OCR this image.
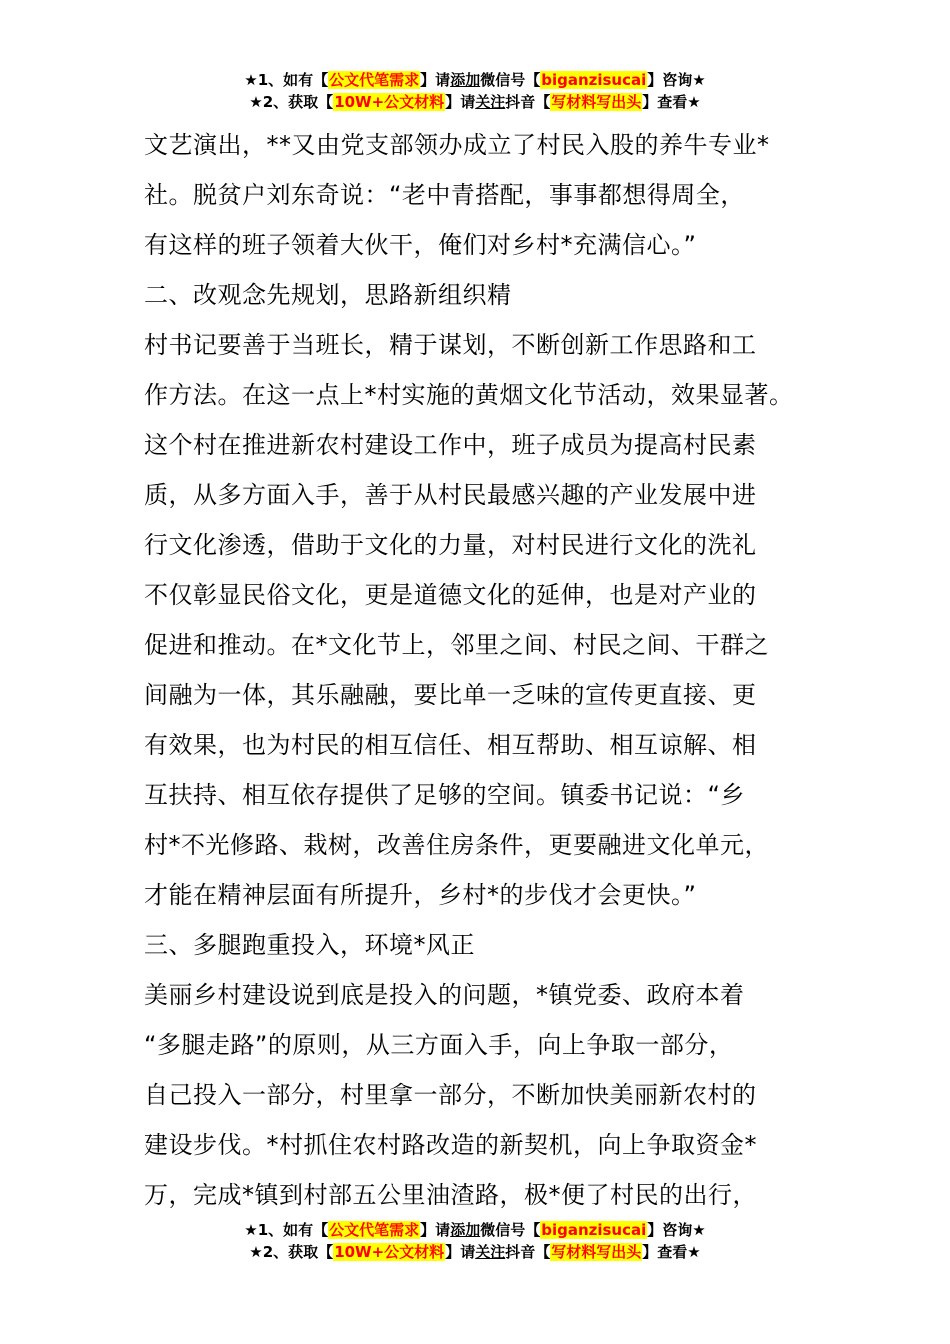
★1、如有【公文代笔需求】请添加微信号【biganzisucai】咨询★
★2、获取【10W+公文材料】请关注抖音【写材料写出头】查看★
文艺演出，**又由党支部领办成立了村民入股的养牛专业*
社。脱贫户刘东奇说：“老中青搭配，事事都想得周全，
有这样的班子领着大伙干，俺们对乡村*充满信心。”
二、改观念先规划，思路新组织精
村书记要善于当班长，精于谋划，不断创新工作思路和工
作方法。在这一点上*村实施的黄烟文化节活动，效果显著。
这个村在推进新农村建设工作中，班子成员为提高村民素
质，从多方面入手，善于从村民最感兴趣的产业发展中进
行文化渗透，借助于文化的力量，对村民进行文化的洗礼
不仅彰显民俗文化，更是道德文化的延伸，也是对产业的
促进和推动。在*文化节上，邻里之间、村民之间、干群之
间融为一体，其乐融融，要比单一乏味的宣传更直接、更
有效果，也为村民的相互信任、相互帮助、相互谅解、相
互扶持、相互依存提供了足够的空间。镇委书记说：“乡
村*不光修路、栽树，改善住房条件，更要融进文化单元，
才能在精神层面有所提升，乡村*的步伐才会更快。”
三、多腿跑重投入，环境*风正
美丽乡村建设说到底是投入的问题，*镇党委、政府本着
“多腿走路”的原则，从三方面入手，向上争取一部分，
自己投入一部分，村里拿一部分，不断加快美丽新农村的
建设步伐。*村抓住农村路改造的新契机，向上争取资金*
万，完成*镇到村部五公里油渣路，极*便了村民的出行，
★1、如有【公文代笔需求】请添加微信号【biganzisucai】咨询★
★2、获取【10W+公文材料】请关注抖音【写材料写出头】查看★
